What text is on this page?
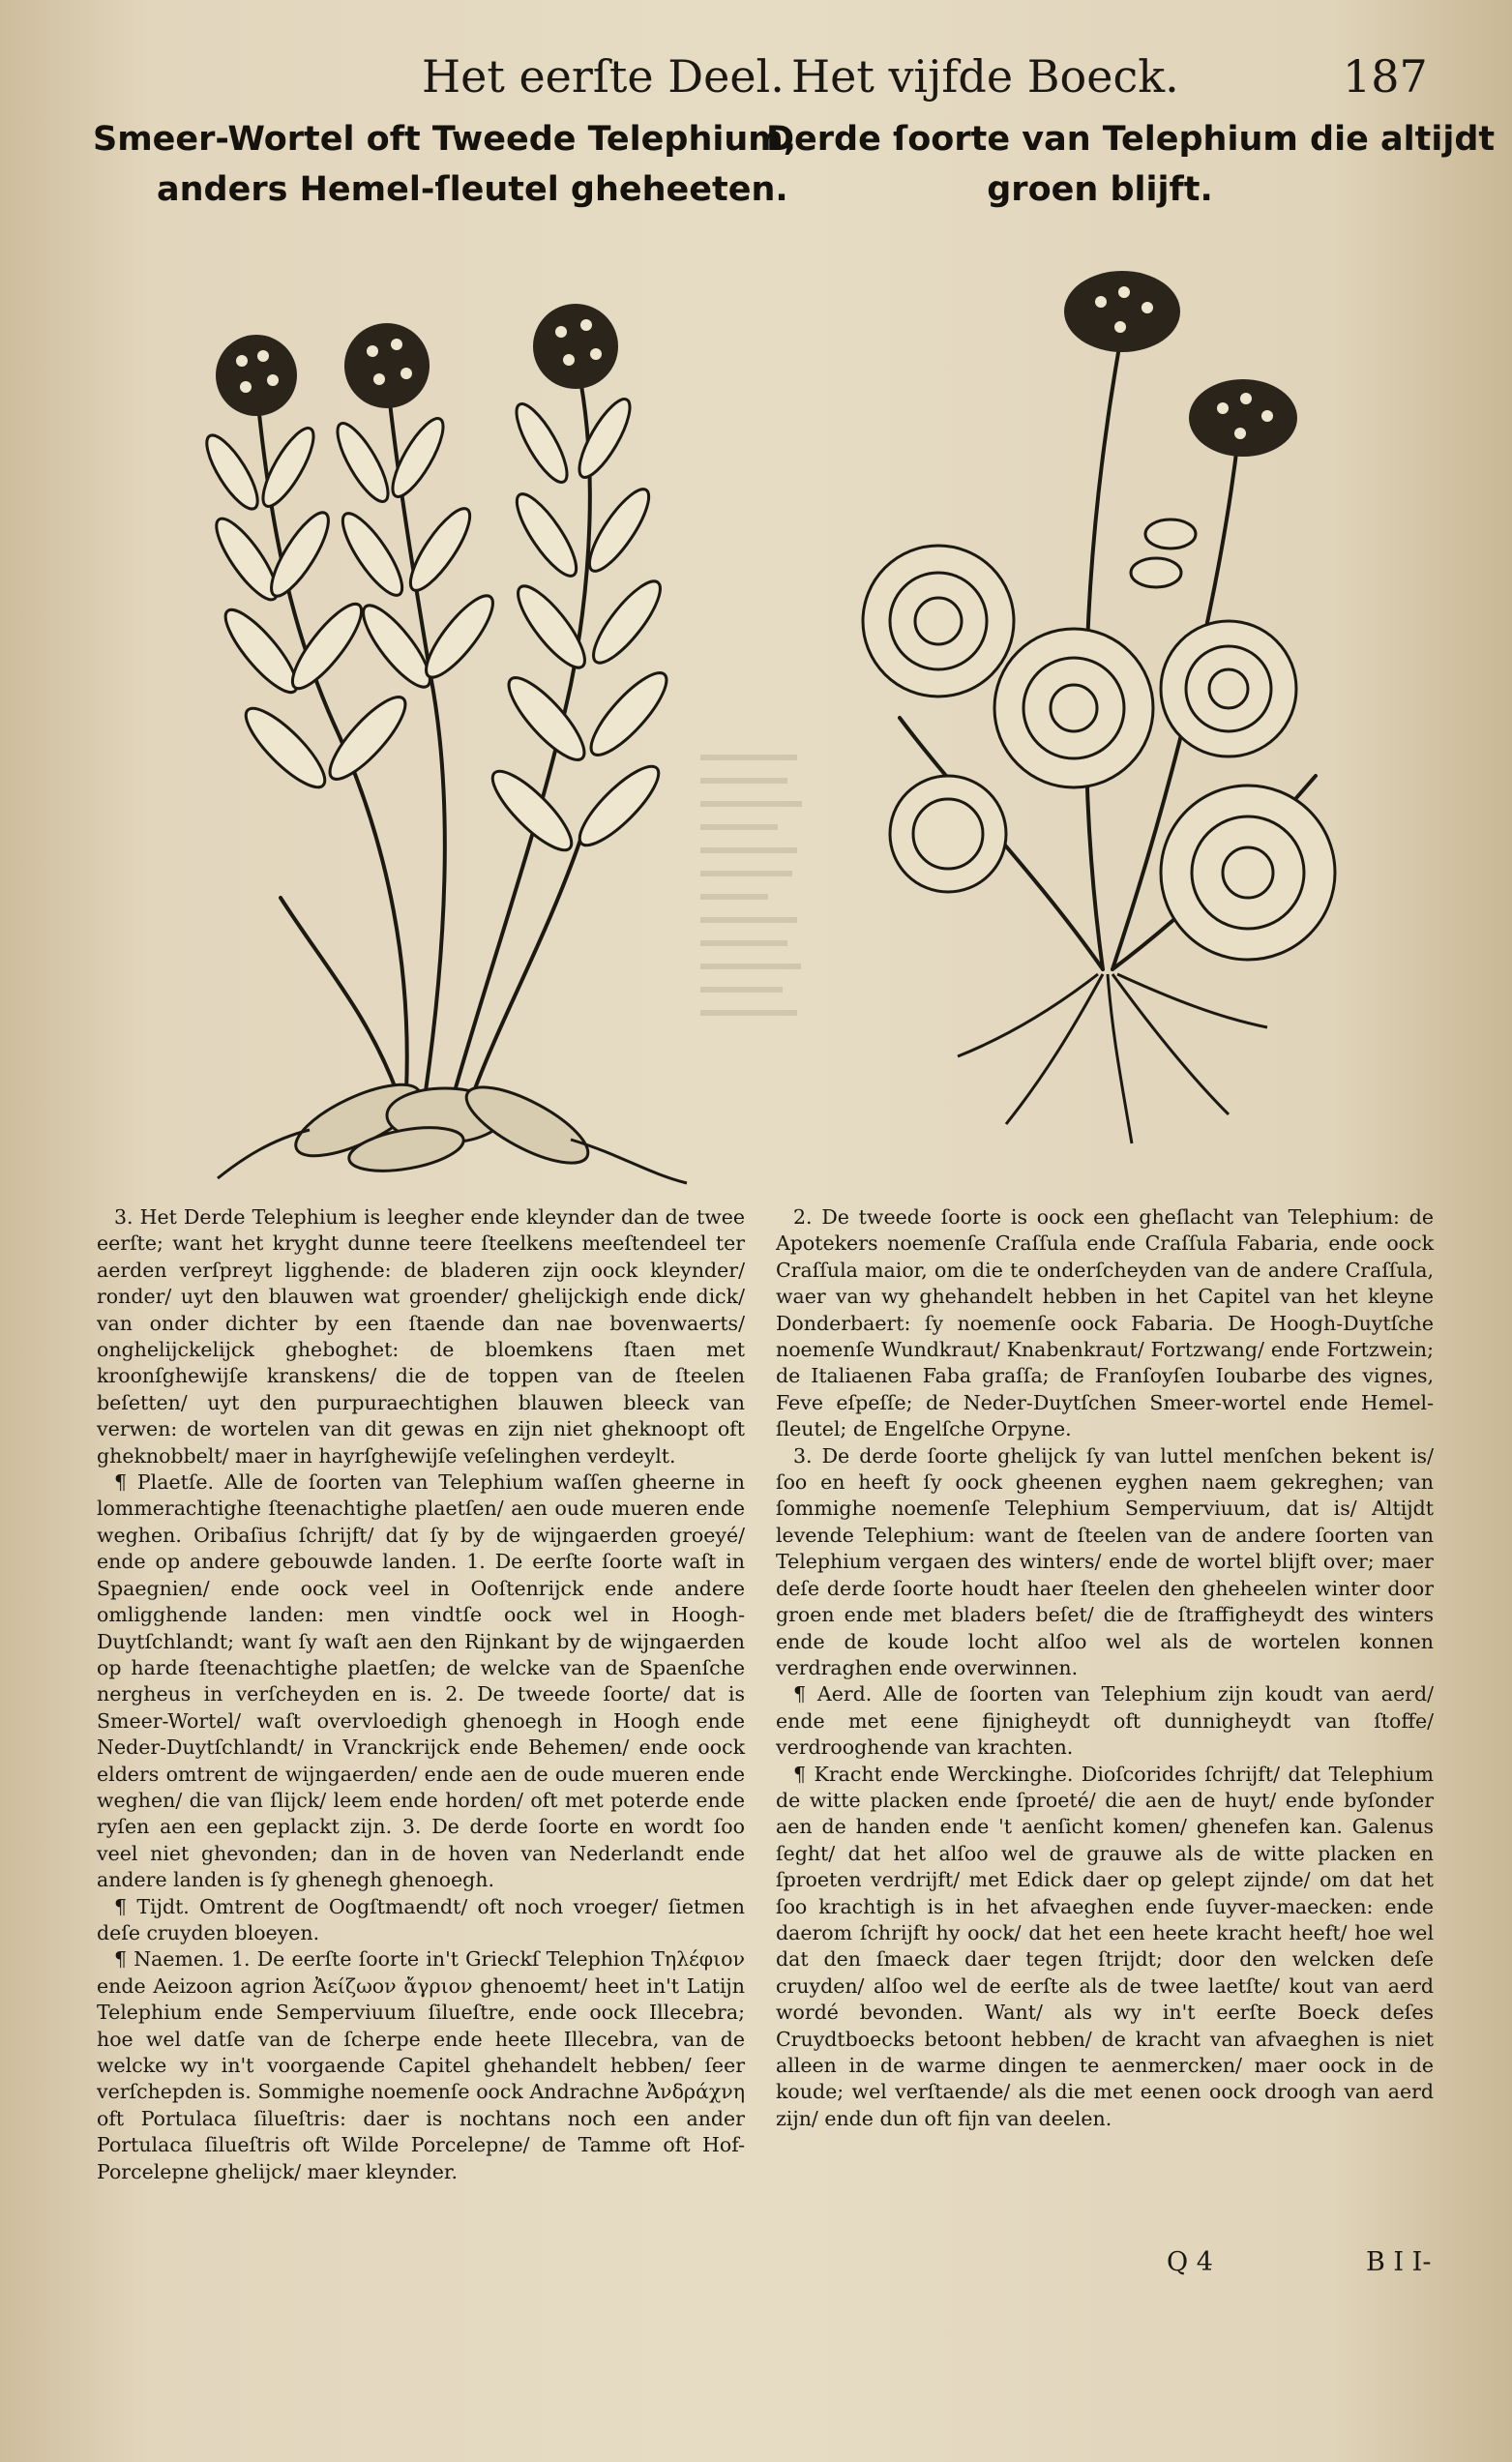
Het eerſte Deel. Het vijfde Boeck.	187
Smeer-Wortel oft Tweede Telephium,
anders Hemel-ſleutel gheheeten.
Derde ſoorte van Telephium die altijdt
groen blijft.

3. Het Derde Telephium is leegher ende kleynder dan de twee eerſte; want het kryght dunne teere ſteelkens meeſtendeel ter aerden verſpreyt ligghende: de bladeren zijn oock kleynder/ ronder/ uyt den blauwen wat groender/ ghelijckigh ende dick/ van onder dichter by een ſtaende dan nae bovenwaerts/ onghelijckelijck gheboghet: de bloemkens ſtaen met kroonſghewijſe kranskens/ die de toppen van de ſteelen beſetten/ uyt den purpuraechtighen blauwen bleeck van verwen: de wortelen van dit gewas en zijn niet gheknoopt oft gheknobbelt/ maer in hayrſghewijſe veſelinghen verdeylt.

¶ Plaetſe. Alle de ſoorten van Telephium waſſen gheerne in lommerachtighe ſteenachtighe plaetſen/ aen oude mueren ende weghen. Oribaſius ſchrijft/ dat ſy by de wijngaerden groeyé/ ende op andere gebouwde landen. 1. De eerſte ſoorte waſt in Spaegnien/ ende oock veel in Ooſtenrijck ende andere omligghende landen: men vindtſe oock wel in Hoogh-Duytſchlandt; want ſy waſt aen den Rijnkant by de wijngaerden op harde ſteenachtighe plaetſen; de welcke van de Spaenſche nergheus in verſcheyden en is. 2. De tweede ſoorte/ dat is Smeer-Wortel/ waſt overvloedigh ghenoegh in Hoogh ende Neder-Duytſchlandt/ in Vranckrijck ende Behemen/ ende oock elders omtrent de wijngaerden/ ende aen de oude mueren ende weghen/ die van ſlijck/ leem ende horden/ oft met poterde ende ryſen aen een geplackt zijn. 3. De derde ſoorte en wordt ſoo veel niet ghevonden; dan in de hoven van Nederlandt ende andere landen is ſy ghenegh ghenoegh.

¶ Tijdt. Omtrent de Oogſtmaendt/ oft noch vroeger/ ſietmen deſe cruyden bloeyen.

¶ Naemen. 1. De eerſte ſoorte in't Grieckſ Telephion Τηλέφιον ende Aeizoon agrion Ἀείζωον ἄγριον ghenoemt/ heet in't Latijn Telephium ende Semperviuum ſilueſtre, ende oock Illecebra; hoe wel datſe van de ſcherpe ende heete Illecebra, van de welcke wy in't voorgaende Capitel ghehandelt hebben/ ſeer verſchepden is. Sommighe noemenſe oock Andrachne Ἀνδράχνη oft Portulaca ſilueſtris: daer is nochtans noch een ander Portulaca ſilueſtris oft Wilde Porcelepne/ de Tamme oft Hof-Porcelepne ghelijck/ maer kleynder.

2. De tweede ſoorte is oock een gheſlacht van Telephium: de Apotekers noemenſe Craſſula ende Craſſula Fabaria, ende oock Craſſula maior, om die te onderſcheyden van de andere Craſſula, waer van wy ghehandelt hebben in het Capitel van het kleyne Donderbaert: ſy noemenſe oock Fabaria. De Hoogh-Duytſche noemenſe Wundkraut/ Knabenkraut/ Fortzwang/ ende Fortzwein; de Italiaenen Faba graſſa; de Franſoyſen Ioubarbe des vignes, Feve eſpeſſe; de Neder-Duytſchen Smeer-wortel ende Hemel-ſleutel; de Engelſche Orpyne.

3. De derde ſoorte ghelijck ſy van luttel menſchen bekent is/ ſoo en heeft ſy oock gheenen eyghen naem gekreghen; van ſommighe noemenſe Telephium Semperviuum, dat is/ Altijdt levende Telephium: want de ſteelen van de andere ſoorten van Telephium vergaen des winters/ ende de wortel blijft over; maer deſe derde ſoorte houdt haer ſteelen den gheheelen winter door groen ende met bladers beſet/ die de ſtraffigheydt des winters ende de koude locht alſoo wel als de wortelen konnen verdraghen ende overwinnen.

¶ Aerd. Alle de ſoorten van Telephium zijn koudt van aerd/ ende met eene fijnigheydt oft dunnigheydt van ſtoffe/ verdrooghende van krachten.

¶ Kracht ende Werckinghe. Dioſcorides ſchrijft/ dat Telephium de witte placken ende ſproeté/ die aen de huyt/ ende byſonder aen de handen ende 't aenſicht komen/ ghenefen kan. Galenus ſeght/ dat het alſoo wel de grauwe als de witte placken en ſproeten verdrijft/ met Edick daer op gelept zijnde/ om dat het ſoo krachtigh is in het afvaeghen ende ſuyver-maecken: ende daerom ſchrijft hy oock/ dat het een heete kracht heeft/ hoe wel dat den ſmaeck daer tegen ſtrijdt; door den welcken deſe cruyden/ alſoo wel de eerſte als de twee laetſte/ kout van aerd wordé bevonden. Want/ als wy in't eerſte Boeck deſes Cruydtboecks betoont hebben/ de kracht van afvaeghen is niet alleen in de warme dingen te aenmercken/ maer oock in de koude; wel verſtaende/ als die met eenen oock droogh van aerd zijn/ ende dun oft fijn van deelen.

Q 4	B I I-
